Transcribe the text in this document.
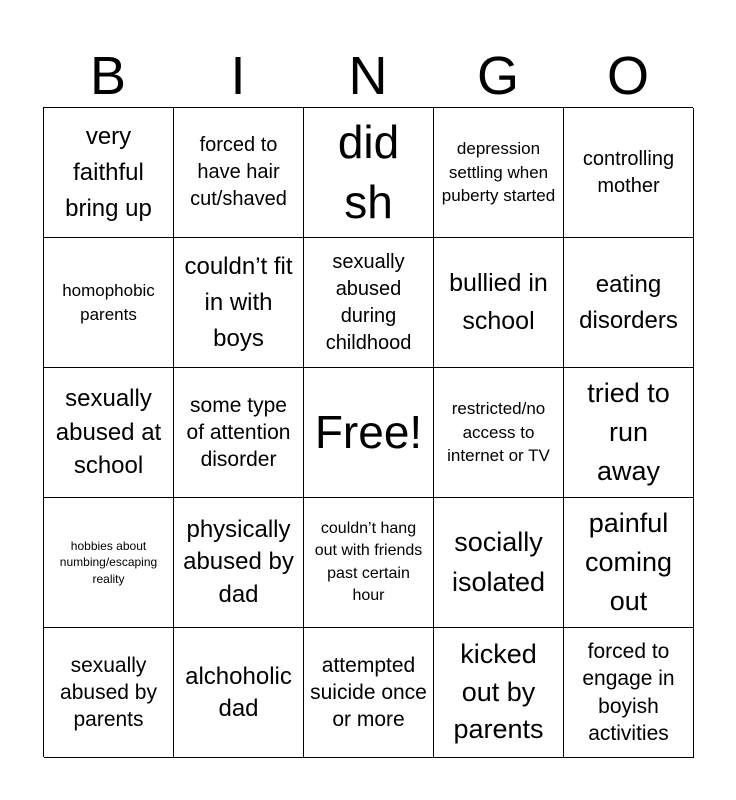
B	I	N	G	O
very faithful bring up
forced to have hair cut/shaved
did sh
depression settling when puberty started
controlling mother
homophobic parents
couldn’t fit in with boys
sexually abused during childhood
bullied in school
eating disorders
sexually abused at school
some type of attention disorder
Free!	restricted/no access to internet or TV
tried to run away
hobbies about numbing/escaping reality
physically abused by dad
couldn’t hang out with friends past certain hour
socially isolated
painful coming out
sexually abused by parents
alchoholic dad
attempted suicide once or more
kicked out by parents
forced to engage in boyish activities
